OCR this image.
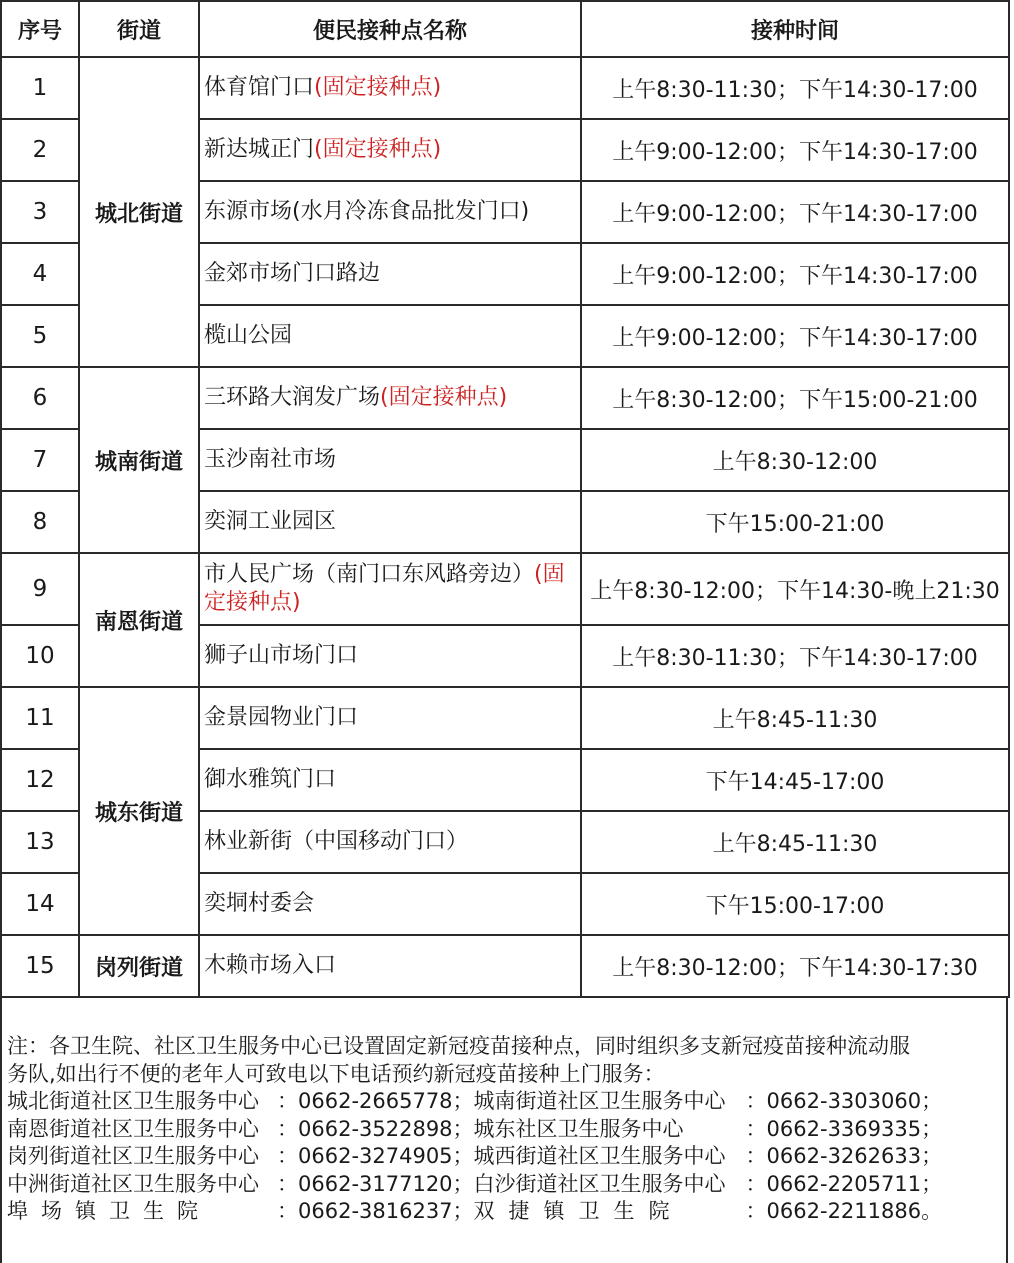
序号	街道	便民接种点名称	接种时间
1	城北街道	体育馆门口(固定接种点)	上午8:30-11:30；下午14:30-17:00
2		新达城正门(固定接种点)	上午9:00-12:00；下午14:30-17:00
3		东源市场(水月冷冻食品批发门口)	上午9:00-12:00；下午14:30-17:00
4		金郊市场门口路边	上午9:00-12:00；下午14:30-17:00
5		榄山公园	上午9:00-12:00；下午14:30-17:00
6	城南街道	三环路大润发广场(固定接种点)	上午8:30-12:00；下午15:00-21:00
7		玉沙南社市场	上午8:30-12:00
8		奕洞工业园区	下午15:00-21:00
9	南恩街道	市人民广场（南门口东风路旁边）(固定接种点)	上午8:30-12:00；下午14:30-晚上21:30
10		狮子山市场门口	上午8:30-11:30；下午14:30-17:00
11	城东街道	金景园物业门口	上午8:45-11:30
12		御水雅筑门口	下午14:45-17:00
13		林业新街（中国移动门口）	上午8:45-11:30
14		奕垌村委会	下午15:00-17:00
15	岗列街道	木赖市场入口	上午8:30-12:00；下午14:30-17:30
注：各卫生院、社区卫生服务中心已设置固定新冠疫苗接种点，同时组织多支新冠疫苗接种流动服
务队,如出行不便的老年人可致电以下电话预约新冠疫苗接种上门服务：
城北街道社区卫生服务中心 ：0662-2665778；城南街道社区卫生服务中心 ：0662-3303060；
南恩街道社区卫生服务中心 ：0662-3522898；城东社区卫生服务中心	：0662-3369335；
岗列街道社区卫生服务中心 ：0662-3274905；城西街道社区卫生服务中心 ：0662-3262633；
中洲街道社区卫生服务中心 ：0662-3177120；白沙街道社区卫生服务中心 ：0662-2205711；
埠场镇卫生院	：0662-3816237；双捷镇卫生院	：0662-2211886。
